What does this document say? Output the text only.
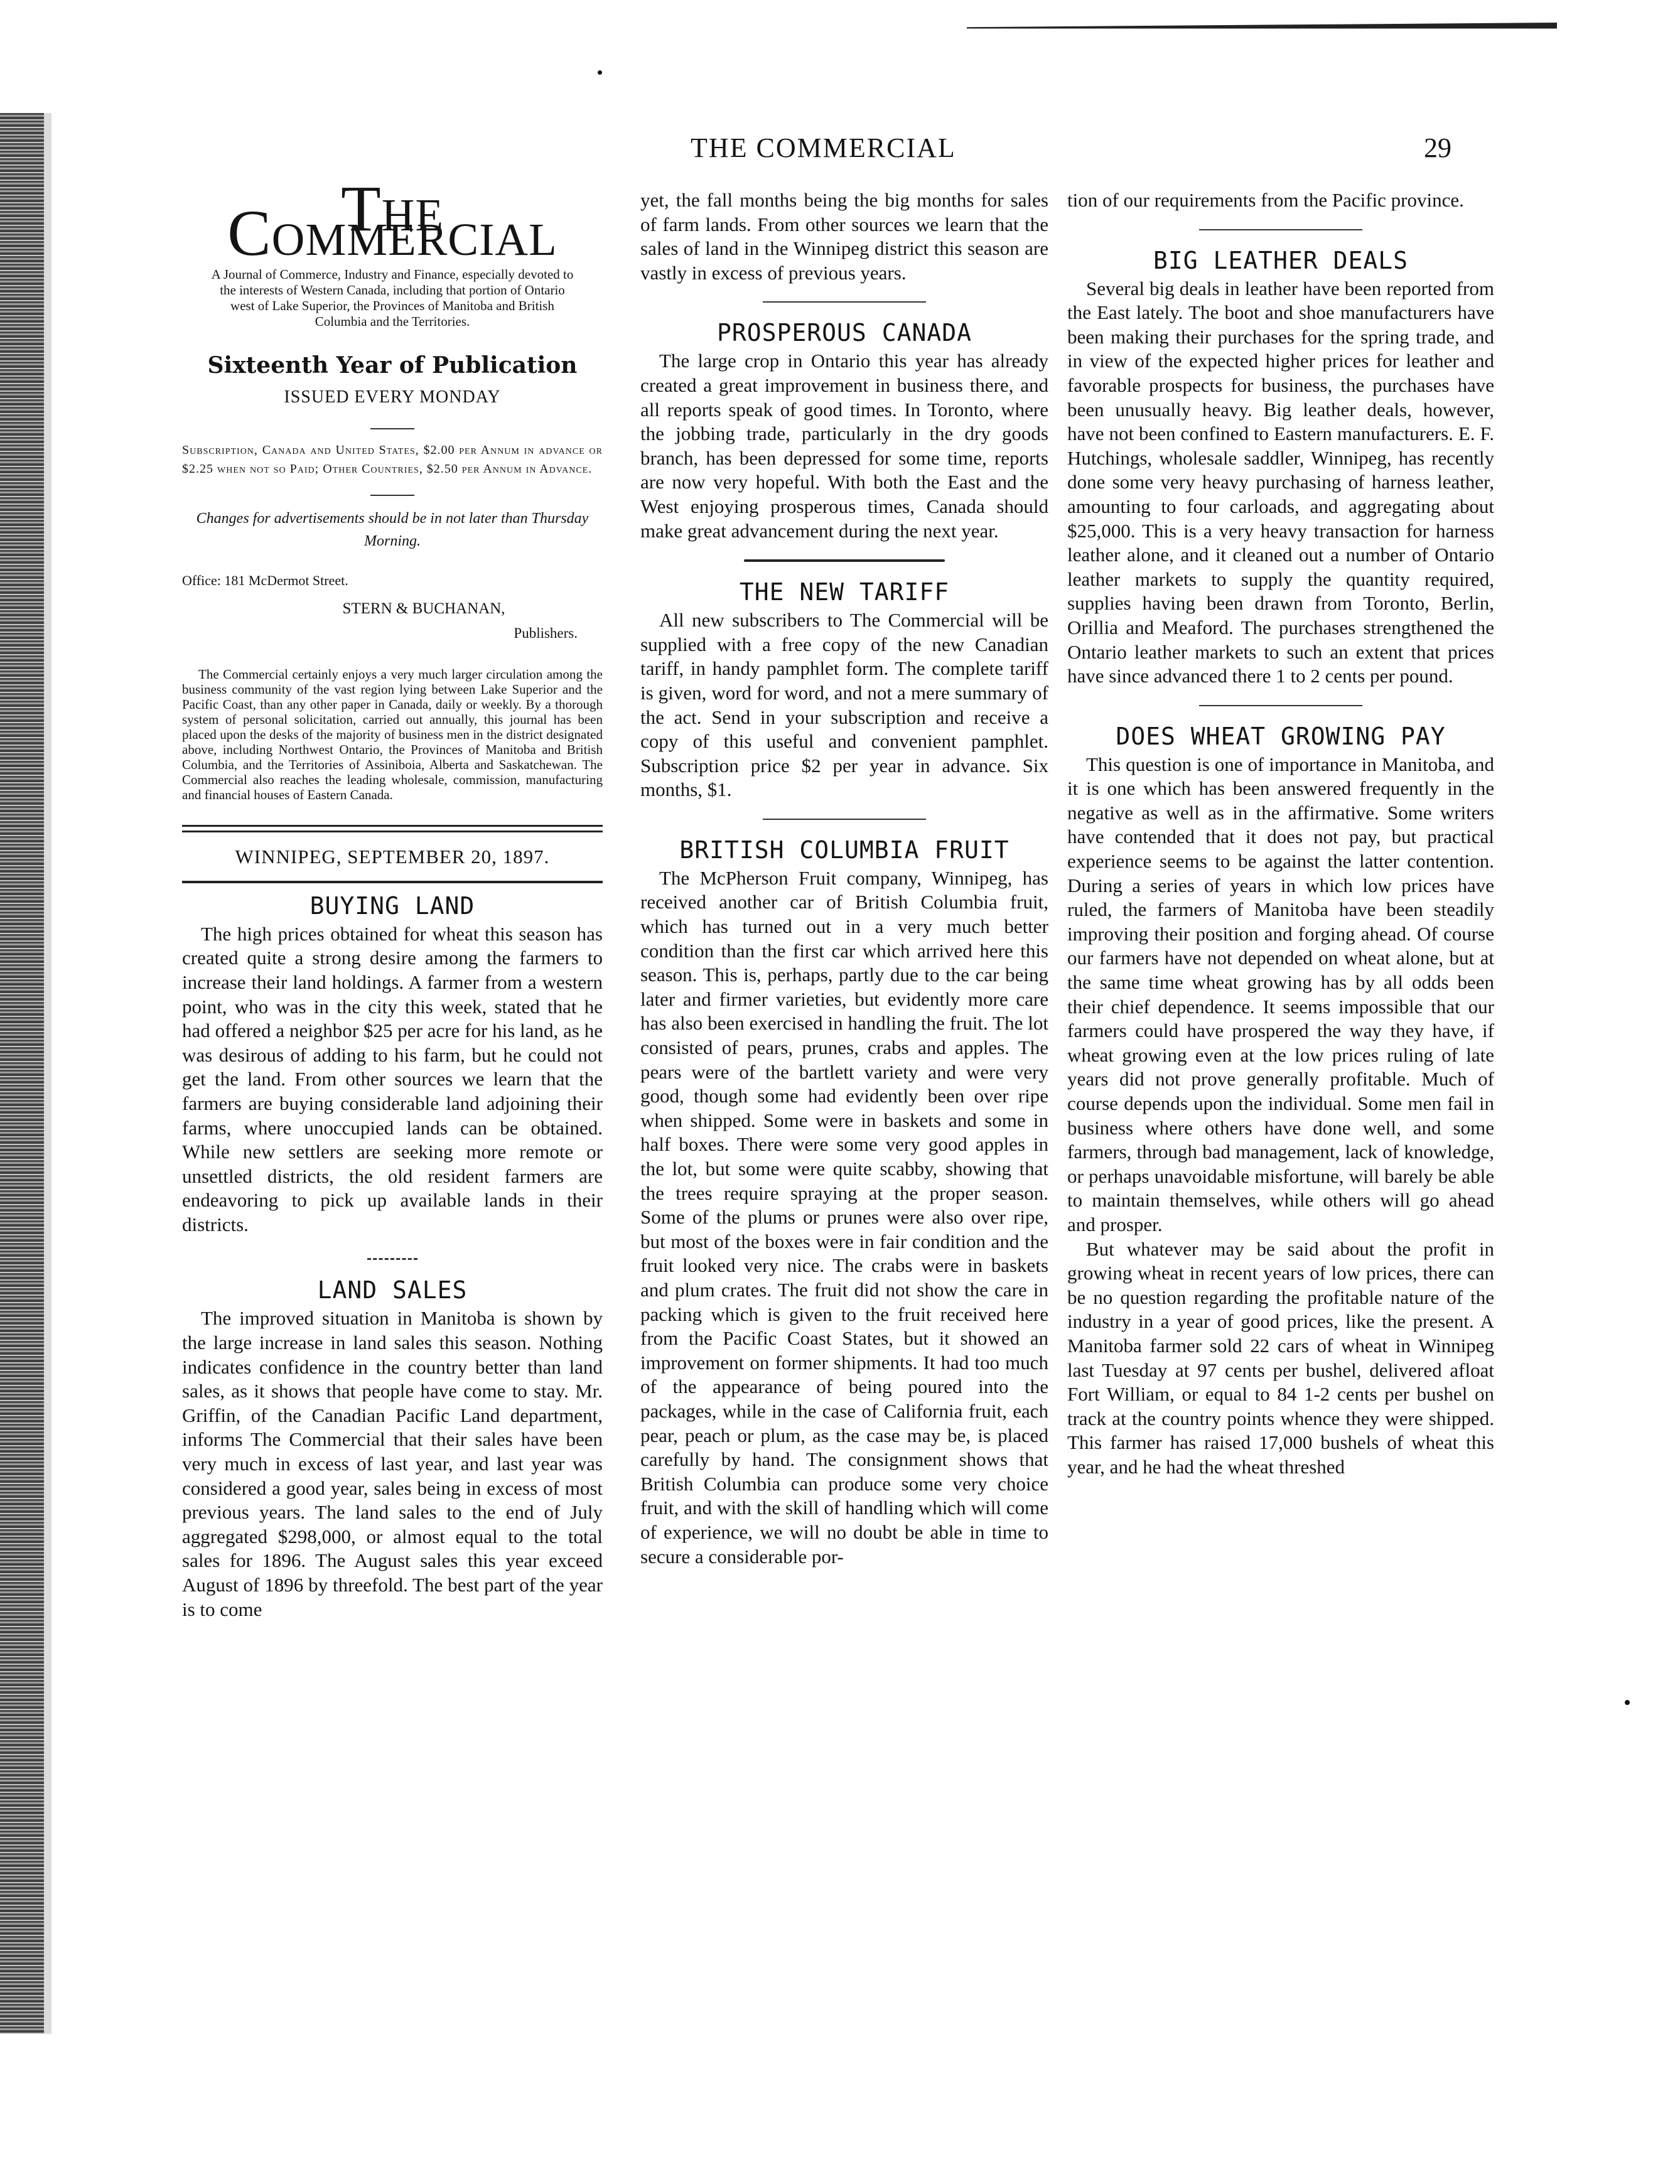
THE COMMERCIAL	29
The Commercial
A Journal of Commerce, Industry and Finance, especially devoted to the interests of Western Canada, including that portion of Ontario west of Lake Superior, the Provinces of Manitoba and British Columbia and the Territories.
Sixteenth Year of Publication
ISSUED EVERY MONDAY
Subscription, Canada and United States, $2.00 per Annum in advance or $2.25 when not so Paid; Other Countries, $2.50 per Annum in Advance.
Changes for advertisements should be in not later than Thursday Morning.
Office: 181 McDermot Street.
STERN & BUCHANAN,
Publishers.

The Commercial certainly enjoys a very much larger circulation among the business community of the vast region lying between Lake Superior and the Pacific Coast, than any other paper in Canada, daily or weekly. By a thorough system of personal solicitation, carried out annually, this journal has been placed upon the desks of the majority of business men in the district designated above, including Northwest Ontario, the Provinces of Manitoba and British Columbia, and the Territories of Assiniboia, Alberta and Saskatchewan. The Commercial also reaches the leading wholesale, commission, manufacturing and financial houses of Eastern Canada.

WINNIPEG, SEPTEMBER 20, 1897.
BUYING LAND

The high prices obtained for wheat this season has created quite a strong desire among the farmers to increase their land holdings. A farmer from a western point, who was in the city this week, stated that he had offered a neighbor $25 per acre for his land, as he was desirous of adding to his farm, but he could not get the land. From other sources we learn that the farmers are buying considerable land adjoining their farms, where unoccupied lands can be obtained. While new settlers are seeking more remote or unsettled districts, the old resident farmers are endeavoring to pick up available lands in their districts.

LAND SALES

The improved situation in Manitoba is shown by the large increase in land sales this season. Nothing indicates confidence in the country better than land sales, as it shows that people have come to stay. Mr. Griffin, of the Canadian Pacific Land department, informs The Commercial that their sales have been very much in excess of last year, and last year was considered a good year, sales being in excess of most previous years. The land sales to the end of July aggregated $298,000, or almost equal to the total sales for 1896. The August sales this year exceed August of 1896 by threefold. The best part of the year is to come

yet, the fall months being the big months for sales of farm lands. From other sources we learn that the sales of land in the Winnipeg district this season are vastly in excess of previous years.

PROSPEROUS CANADA

The large crop in Ontario this year has already created a great improvement in business there, and all reports speak of good times. In Toronto, where the jobbing trade, particularly in the dry goods branch, has been depressed for some time, reports are now very hopeful. With both the East and the West enjoying prosperous times, Canada should make great advancement during the next year.

THE NEW TARIFF

All new subscribers to The Commercial will be supplied with a free copy of the new Canadian tariff, in handy pamphlet form. The complete tariff is given, word for word, and not a mere summary of the act. Send in your subscription and receive a copy of this useful and convenient pamphlet. Subscription price $2 per year in advance. Six months, $1.

BRITISH COLUMBIA FRUIT

The McPherson Fruit company, Winnipeg, has received another car of British Columbia fruit, which has turned out in a very much better condition than the first car which arrived here this season. This is, perhaps, partly due to the car being later and firmer varieties, but evidently more care has also been exercised in handling the fruit. The lot consisted of pears, prunes, crabs and apples. The pears were of the bartlett variety and were very good, though some had evidently been over ripe when shipped. Some were in baskets and some in half boxes. There were some very good apples in the lot, but some were quite scabby, showing that the trees require spraying at the proper season. Some of the plums or prunes were also over ripe, but most of the boxes were in fair condition and the fruit looked very nice. The crabs were in baskets and plum crates. The fruit did not show the care in packing which is given to the fruit received here from the Pacific Coast States, but it showed an improvement on former shipments. It had too much of the appearance of being poured into the packages, while in the case of California fruit, each pear, peach or plum, as the case may be, is placed carefully by hand. The consignment shows that British Columbia can produce some very choice fruit, and with the skill of handling which will come of experience, we will no doubt be able in time to secure a considerable por-

tion of our requirements from the Pacific province.

BIG LEATHER DEALS

Several big deals in leather have been reported from the East lately. The boot and shoe manufacturers have been making their purchases for the spring trade, and in view of the expected higher prices for leather and favorable prospects for business, the purchases have been unusually heavy. Big leather deals, however, have not been confined to Eastern manufacturers. E. F. Hutchings, wholesale saddler, Winnipeg, has recently done some very heavy purchasing of harness leather, amounting to four carloads, and aggregating about $25,000. This is a very heavy transaction for harness leather alone, and it cleaned out a number of Ontario leather markets to supply the quantity required, supplies having been drawn from Toronto, Berlin, Orillia and Meaford. The purchases strengthened the Ontario leather markets to such an extent that prices have since advanced there 1 to 2 cents per pound.

DOES WHEAT GROWING PAY

This question is one of importance in Manitoba, and it is one which has been answered frequently in the negative as well as in the affirmative. Some writers have contended that it does not pay, but practical experience seems to be against the latter contention. During a series of years in which low prices have ruled, the farmers of Manitoba have been steadily improving their position and forging ahead. Of course our farmers have not depended on wheat alone, but at the same time wheat growing has by all odds been their chief dependence. It seems impossible that our farmers could have prospered the way they have, if wheat growing even at the low prices ruling of late years did not prove generally profitable. Much of course depends upon the individual. Some men fail in business where others have done well, and some farmers, through bad management, lack of knowledge, or perhaps unavoidable misfortune, will barely be able to maintain themselves, while others will go ahead and prosper.

But whatever may be said about the profit in growing wheat in recent years of low prices, there can be no question regarding the profitable nature of the industry in a year of good prices, like the present. A Manitoba farmer sold 22 cars of wheat in Winnipeg last Tuesday at 97 cents per bushel, delivered afloat Fort William, or equal to 84 1-2 cents per bushel on track at the country points whence they were shipped. This farmer has raised 17,000 bushels of wheat this year, and he had the wheat threshed
